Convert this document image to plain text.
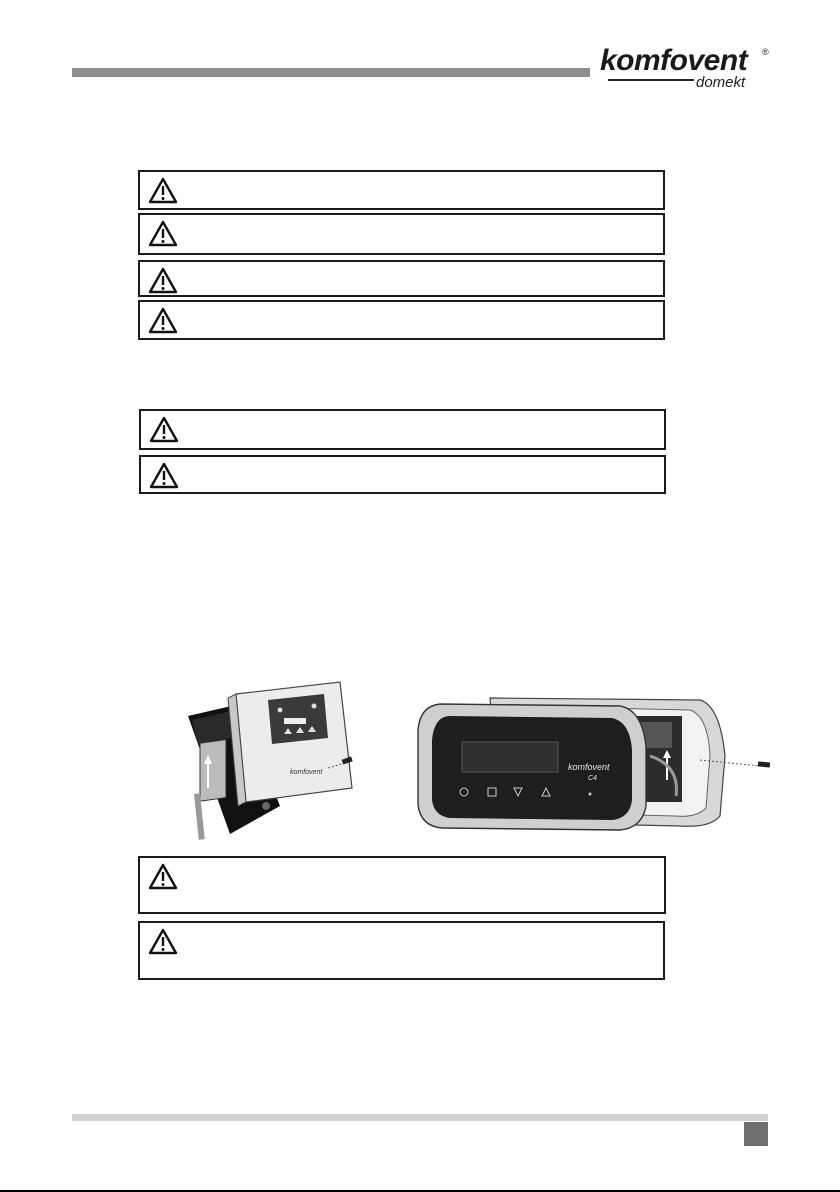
komfovent ®
domekt
komfovent
komfovent
C4
